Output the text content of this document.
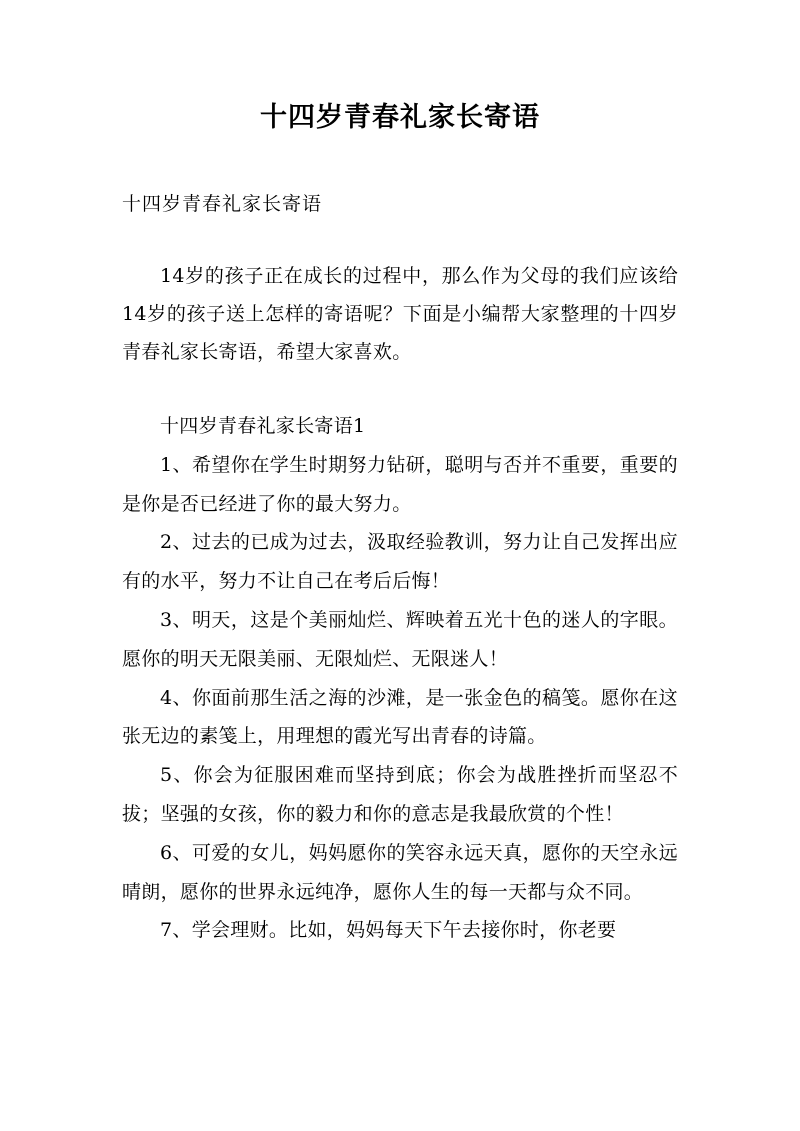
十四岁青春礼家长寄语
十四岁青春礼家长寄语

14岁的孩子正在成长的过程中，那么作为父母的我们应该给14岁的孩子送上怎样的寄语呢？下面是小编帮大家整理的十四岁青春礼家长寄语，希望大家喜欢。

十四岁青春礼家长寄语1

1、希望你在学生时期努力钻研，聪明与否并不重要，重要的是你是否已经进了你的最大努力。

2、过去的已成为过去，汲取经验教训，努力让自己发挥出应有的水平，努力不让自己在考后后悔！

3、明天，这是个美丽灿烂、辉映着五光十色的迷人的字眼。愿你的明天无限美丽、无限灿烂、无限迷人！

4、你面前那生活之海的沙滩，是一张金色的稿笺。愿你在这张无边的素笺上，用理想的霞光写出青春的诗篇。

5、你会为征服困难而坚持到底；你会为战胜挫折而坚忍不拔；坚强的女孩，你的毅力和你的意志是我最欣赏的个性！

6、可爱的女儿，妈妈愿你的笑容永远天真，愿你的天空永远晴朗，愿你的世界永远纯净，愿你人生的每一天都与众不同。

7、学会理财。比如，妈妈每天下午去接你时，你老要
